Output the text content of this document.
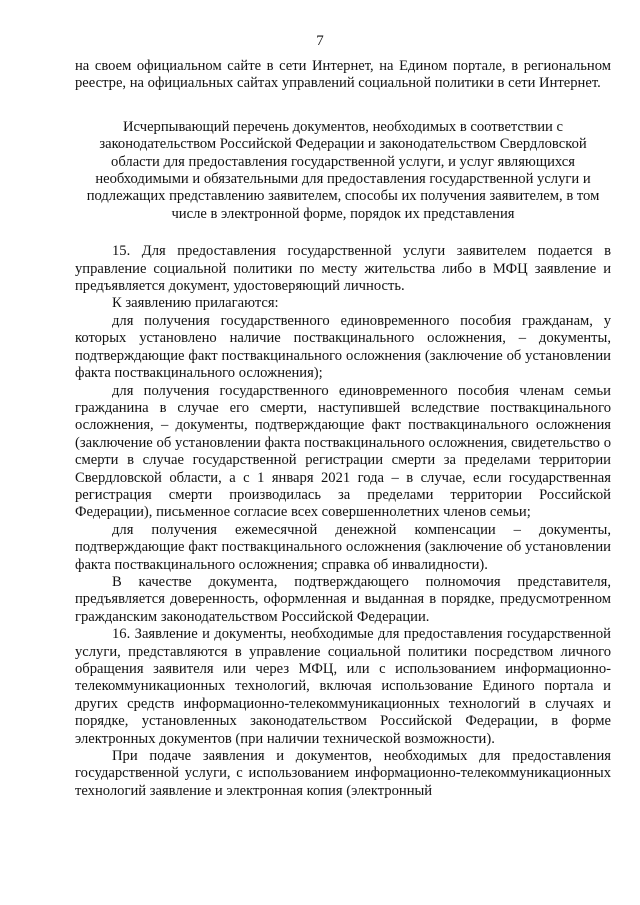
7

на своем официальном сайте в сети Интернет, на Едином портале, в региональном реестре, на официальных сайтах управлений социальной политики в сети Интернет.

Исчерпывающий перечень документов, необходимых в соответствии с законодательством Российской Федерации и законодательством Свердловской области для предоставления государственной услуги, и услуг являющихся необходимыми и обязательными для предоставления государственной услуги и подлежащих представлению заявителем, способы их получения заявителем, в том числе в электронной форме, порядок их представления

15. Для предоставления государственной услуги заявителем подается в управление социальной политики по месту жительства либо в МФЦ заявление и предъявляется документ, удостоверяющий личность.

К заявлению прилагаются:

для получения государственного единовременного пособия гражданам, у которых установлено наличие поствакцинального осложнения, – документы, подтверждающие факт поствакцинального осложнения (заключение об установлении факта поствакцинального осложнения);

для получения государственного единовременного пособия членам семьи гражданина в случае его смерти, наступившей вследствие поствакцинального осложнения, – документы, подтверждающие факт поствакцинального осложнения (заключение об установлении факта поствакцинального осложнения, свидетельство о смерти в случае государственной регистрации смерти за пределами территории Свердловской области, а с 1 января 2021 года – в случае, если государственная регистрация смерти производилась за пределами территории Российской Федерации), письменное согласие всех совершеннолетних членов семьи;

для получения ежемесячной денежной компенсации – документы, подтверждающие факт поствакцинального осложнения (заключение об установлении факта поствакцинального осложнения; справка об инвалидности).

В качестве документа, подтверждающего полномочия представителя, предъявляется доверенность, оформленная и выданная в порядке, предусмотренном гражданским законодательством Российской Федерации.

16. Заявление и документы, необходимые для предоставления государственной услуги, представляются в управление социальной политики посредством личного обращения заявителя или через МФЦ, или с использованием информационно-телекоммуникационных технологий, включая использование Единого портала и других средств информационно-телекоммуникационных технологий в случаях и порядке, установленных законодательством Российской Федерации, в форме электронных документов (при наличии технической возможности).

При подаче заявления и документов, необходимых для предоставления государственной услуги, с использованием информационно-телекоммуникационных технологий заявление и электронная копия (электронный
